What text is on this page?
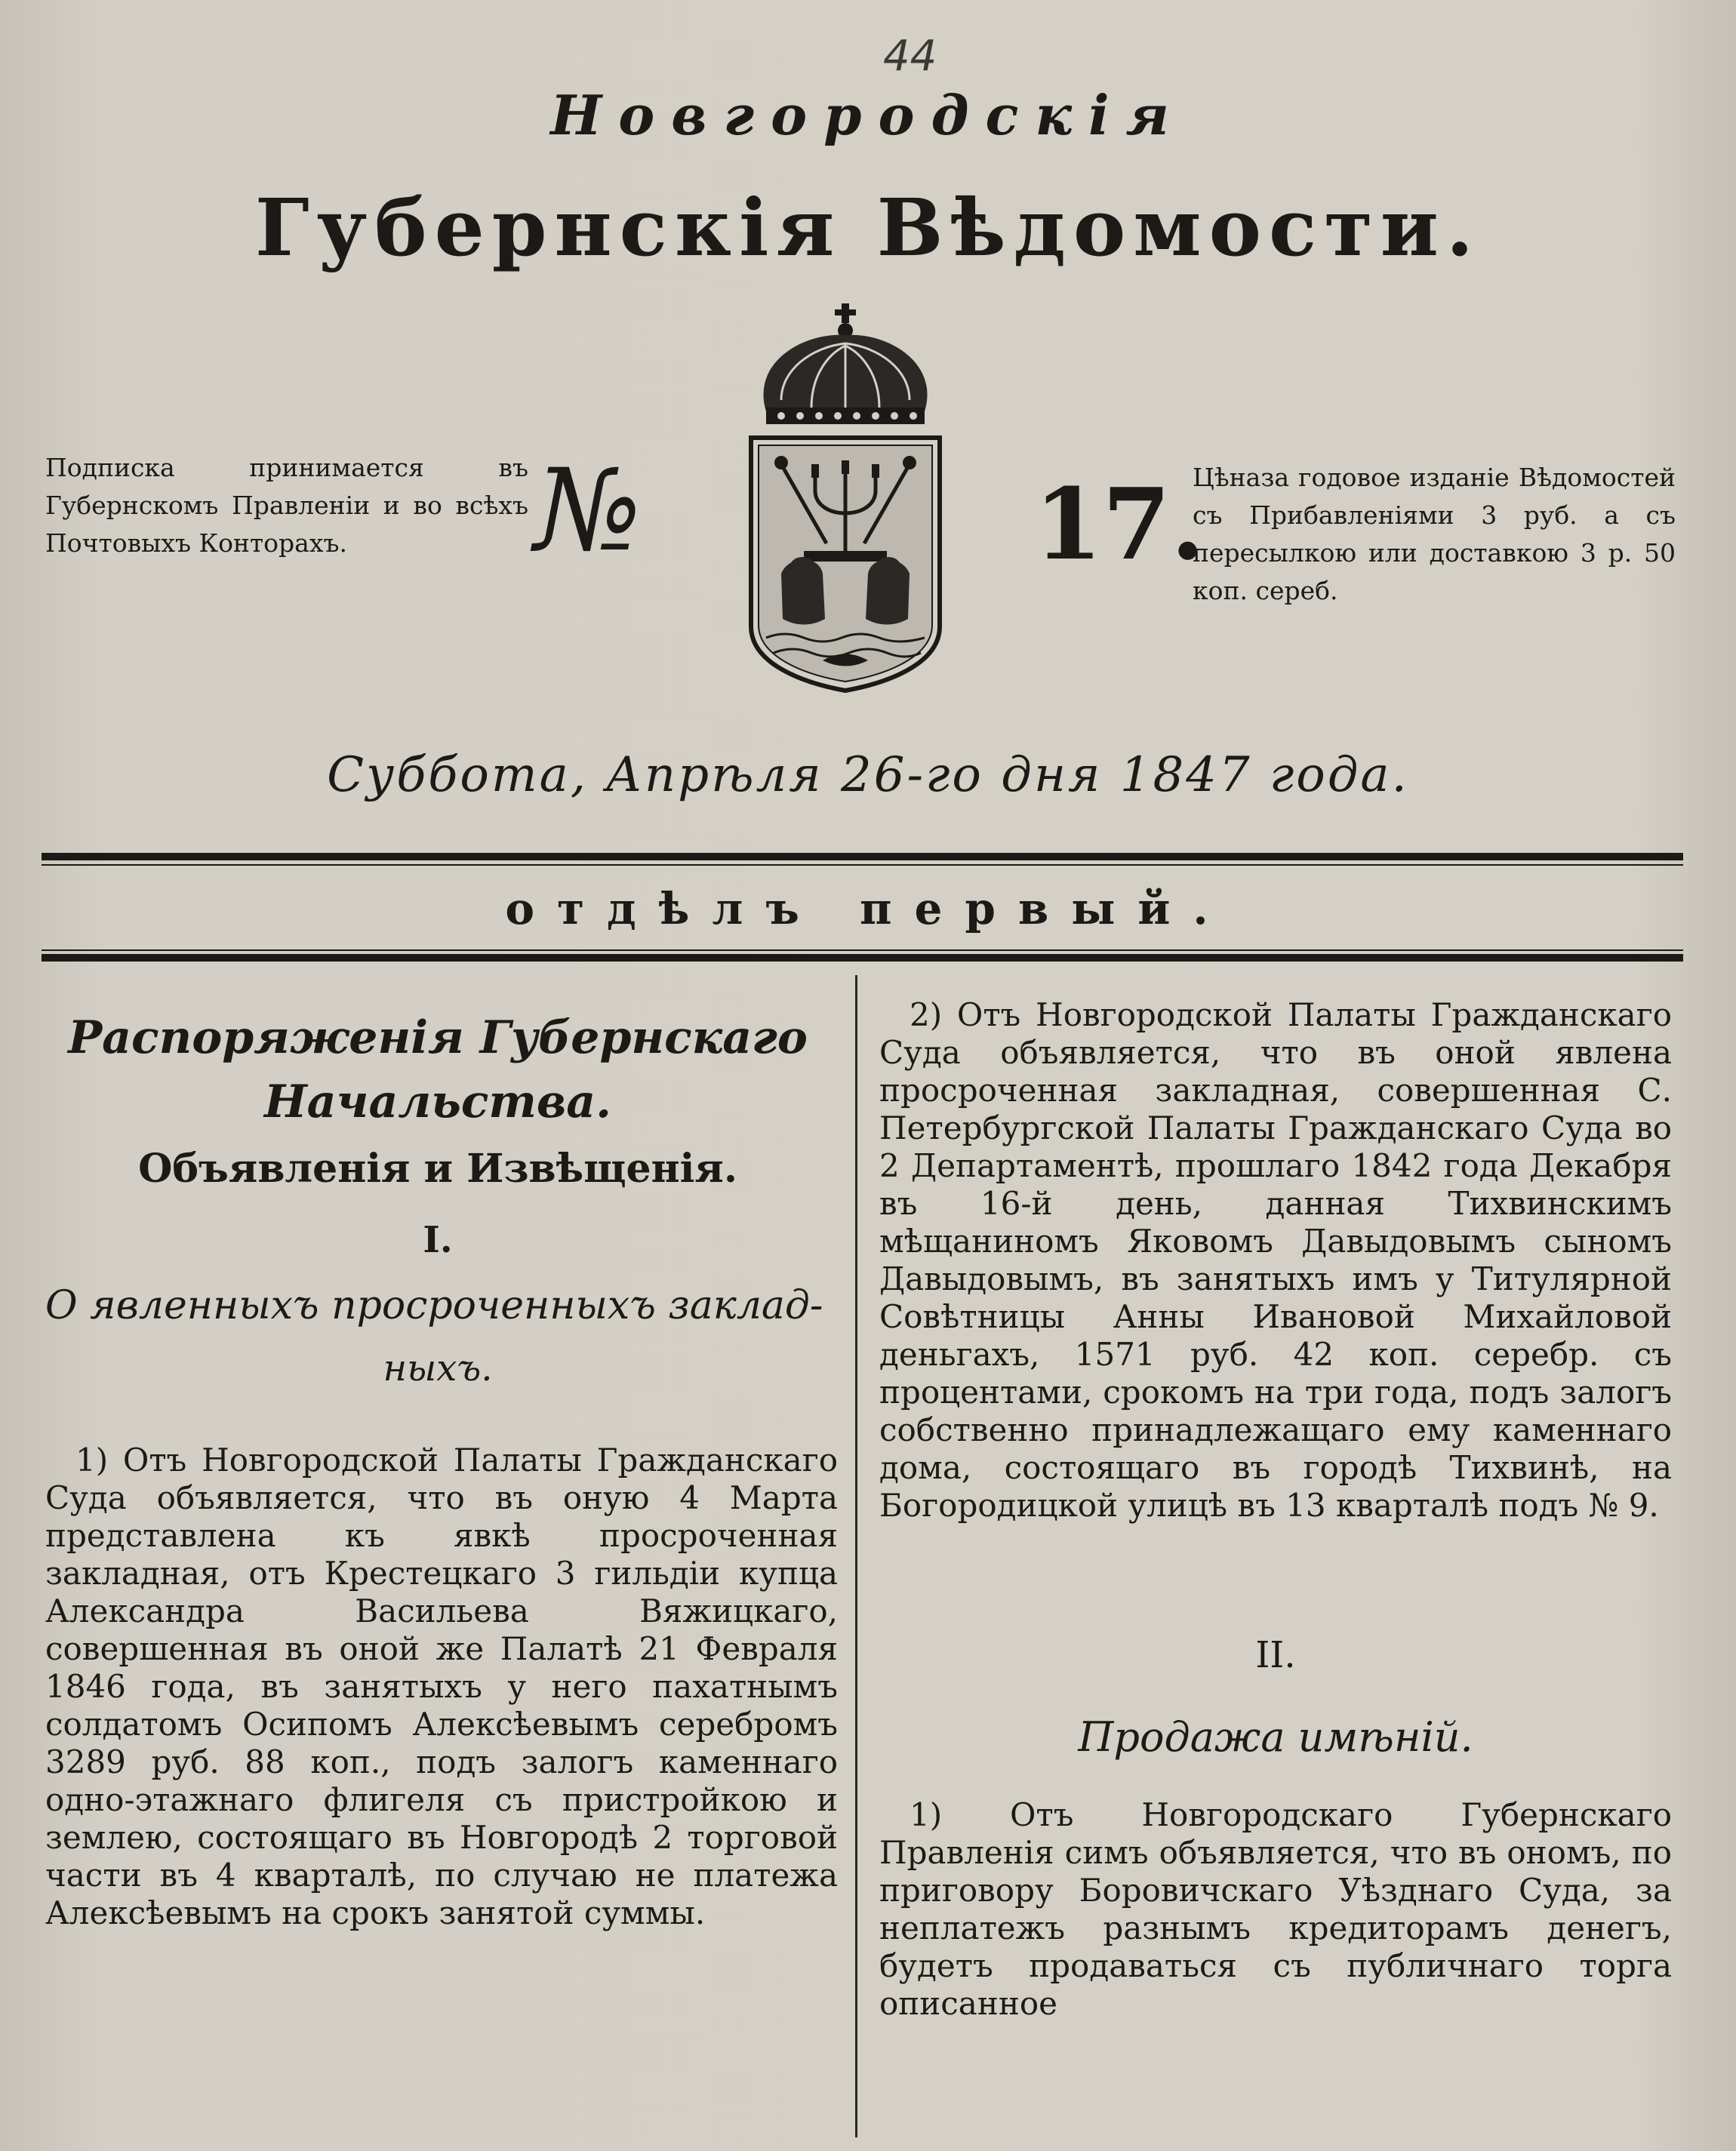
44
Новгородскія
Губернскія Вѣдомости.
Подписка принимается въ Губернскомъ Правленіи и во всѣхъ Почтовыхъ Конторахъ.	№	17.
Цѣназа годовое изданіе Вѣдомостей съ Прибавленіями 3 руб. а съ пересылкою или доставкою 3 р. 50 коп. сереб.
Суббота, Апрѣля 26-го дня 1847 года.
отдѣлъ первый.
Распоряженія Губернскаго
Начальства.
Объявленія и Извѣщенія.
I.
О явленныхъ просроченныхъ заклад-
ныхъ.
1) Отъ Новгородской Палаты Гражданскаго Суда объявляется, что въ оную 4 Марта представлена къ явкѣ просроченная закладная, отъ Крестецкаго 3 гильдіи купца Александра Васильева Вяжицкаго, совершенная въ оной же Палатѣ 21 Февраля 1846 года, въ занятыхъ у него пахатнымъ солдатомъ Осипомъ Алексѣевымъ серебромъ 3289 руб. 88 коп., подъ залогъ каменнаго одно-этажнаго флигеля съ пристройкою и землею, состоящаго въ Новгородѣ 2 торговой части въ 4 кварталѣ, по случаю не платежа Алексѣевымъ на срокъ занятой суммы.
2) Отъ Новгородской Палаты Гражданскаго Суда объявляется, что въ оной явлена просроченная закладная, совершенная С. Петербургской Палаты Гражданскаго Суда во 2 Департаментѣ, прошлаго 1842 года Декабря въ 16-й день, данная Тихвинскимъ мѣщаниномъ Яковомъ Давыдовымъ сыномъ Давыдовымъ, въ занятыхъ имъ у Титулярной Совѣтницы Анны Ивановой Михайловой деньгахъ, 1571 руб. 42 коп. серебр. съ процентами, срокомъ на три года, подъ залогъ собственно принадлежащаго ему каменнаго дома, состоящаго въ городѣ Тихвинѣ, на Богородицкой улицѣ въ 13 кварталѣ подъ № 9.
II.
Продажа имѣній.
1) Отъ Новгородскаго Губернскаго Правленія симъ объявляется, что въ ономъ, по приговору Боровичскаго Уѣзднаго Суда, за неплатежъ разнымъ кредиторамъ денегъ, будетъ продаваться съ публичнаго торга описанное
